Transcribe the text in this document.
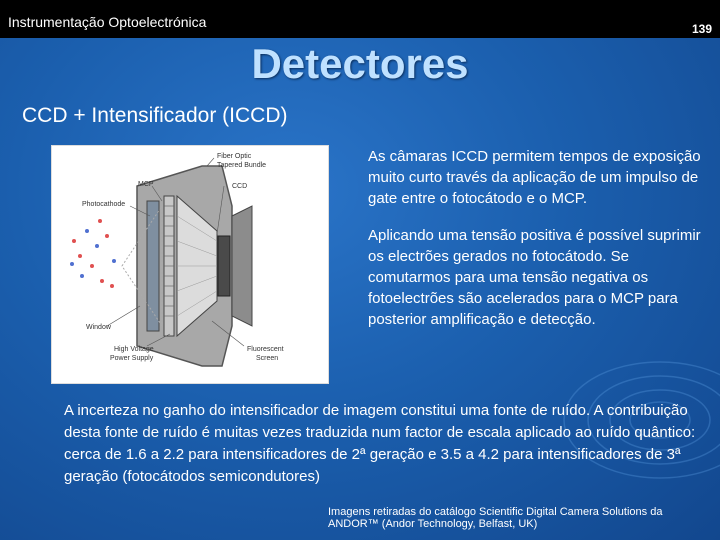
Instrumentação Optoelectrónica	139
Detectores
CCD + Intensificador (ICCD)
Fiber Optic
Tapered Bundle
MCP	CCD
Photocathode
Window
High Voltage
Power Supply
Fluorescent
Screen

As câmaras ICCD permitem tempos de exposição muito curto través da aplicação de um impulso de gate entre o fotocátodo e o MCP.

Aplicando uma tensão positiva é possível suprimir os electrões gerados no fotocátodo. Se comutarmos para uma tensão negativa os fotoelectrões são acelerados para o MCP para posterior amplificação e detecção.

A incerteza no ganho do intensificador de imagem constitui uma fonte de ruído. A contribuição desta fonte de ruído é muitas vezes traduzida num factor de escala aplicado ao ruído quântico: cerca de 1.6 a 2.2 para intensificadores de 2ª geração e 3.5 a 4.2 para intensificadores de 3ª geração (fotocátodos semicondutores)
Imagens retiradas do catálogo Scientific Digital Camera Solutions da ANDOR™ (Andor Technology, Belfast, UK)
